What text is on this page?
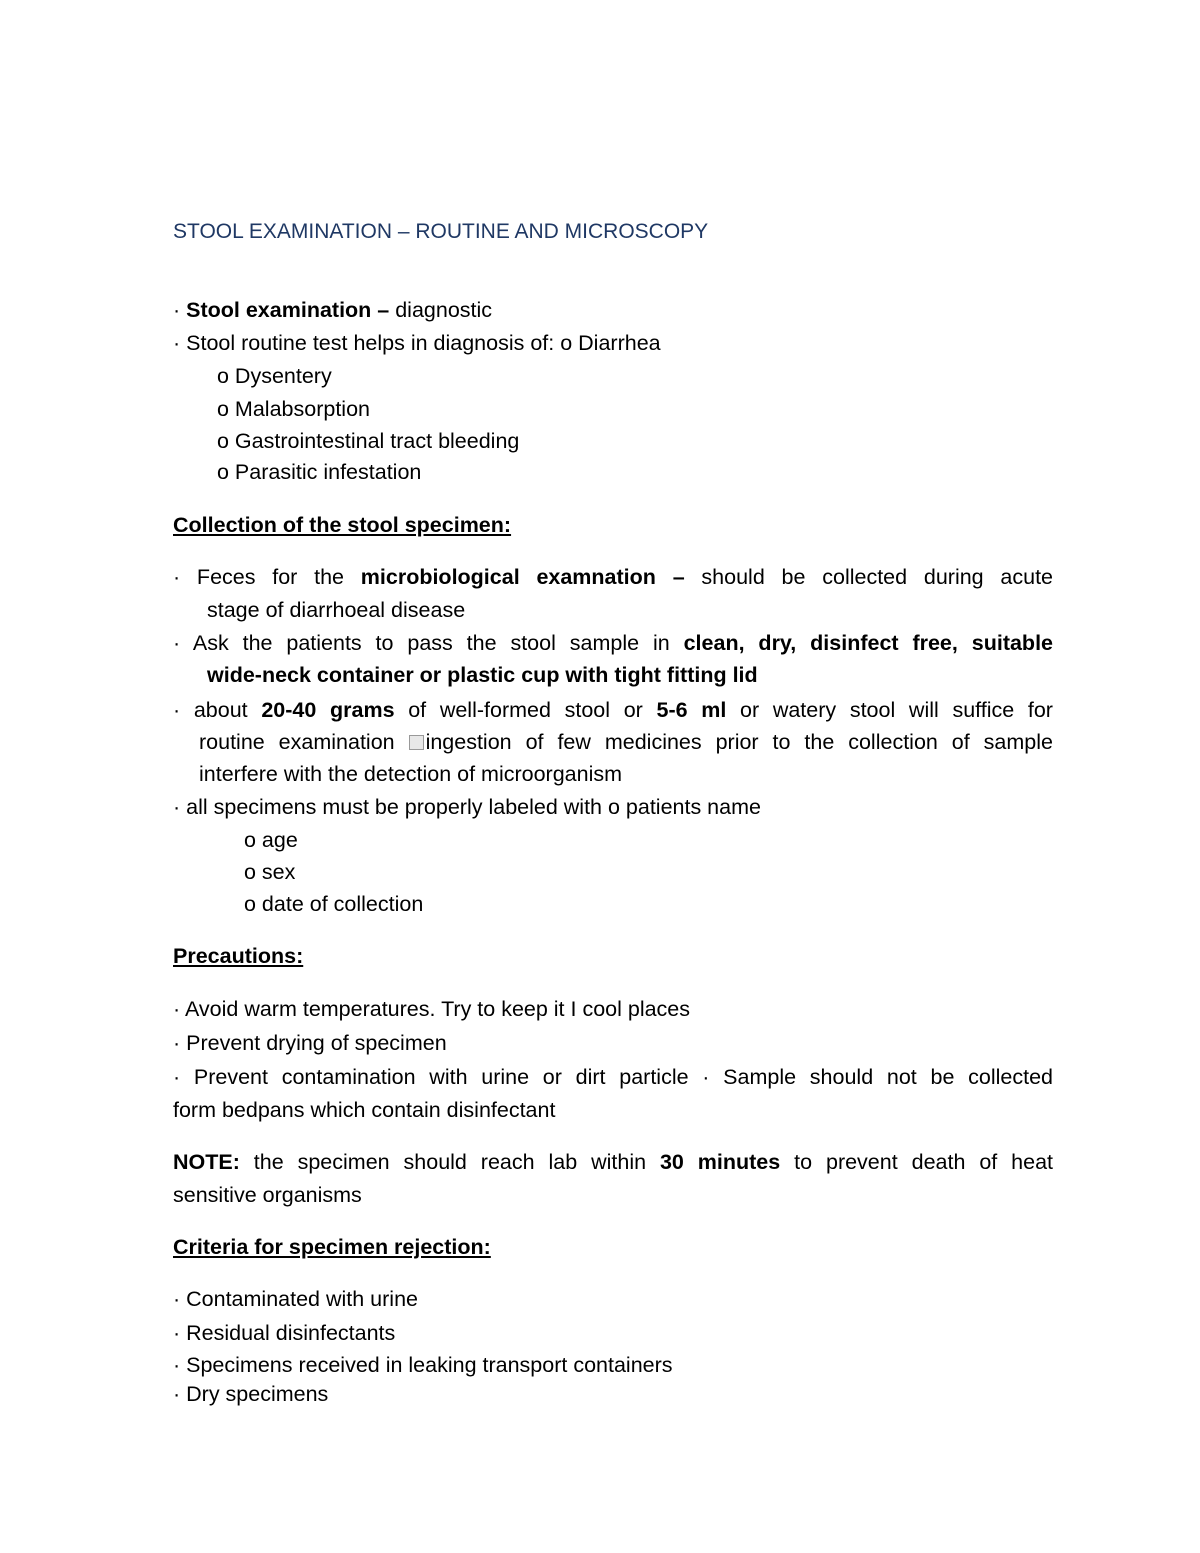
STOOL EXAMINATION – ROUTINE AND MICROSCOPY
· Stool examination – diagnostic
· Stool routine test helps in diagnosis of: o Diarrhea
o Dysentery
o Malabsorption
o Gastrointestinal tract bleeding
o Parasitic infestation
Collection of the stool specimen:
· Feces for the microbiological examnation – should be collected during acute
stage of diarrhoeal disease
· Ask the patients to pass the stool sample in clean, dry, disinfect free, suitable
wide-neck container or plastic cup with tight fitting lid
· about 20-40 grams of well-formed stool or 5-6 ml or watery stool will suffice for
routine examination ingestion of few medicines prior to the collection of sample
interfere with the detection of microorganism
· all specimens must be properly labeled with o patients name
o age
o sex
o date of collection
Precautions:
· Avoid warm temperatures. Try to keep it I cool places
· Prevent drying of specimen
· Prevent contamination with urine or dirt particle · Sample should not be collected
form bedpans which contain disinfectant
NOTE: the specimen should reach lab within 30 minutes to prevent death of heat
sensitive organisms
Criteria for specimen rejection:
· Contaminated with urine
· Residual disinfectants
· Specimens received in leaking transport containers
· Dry specimens
